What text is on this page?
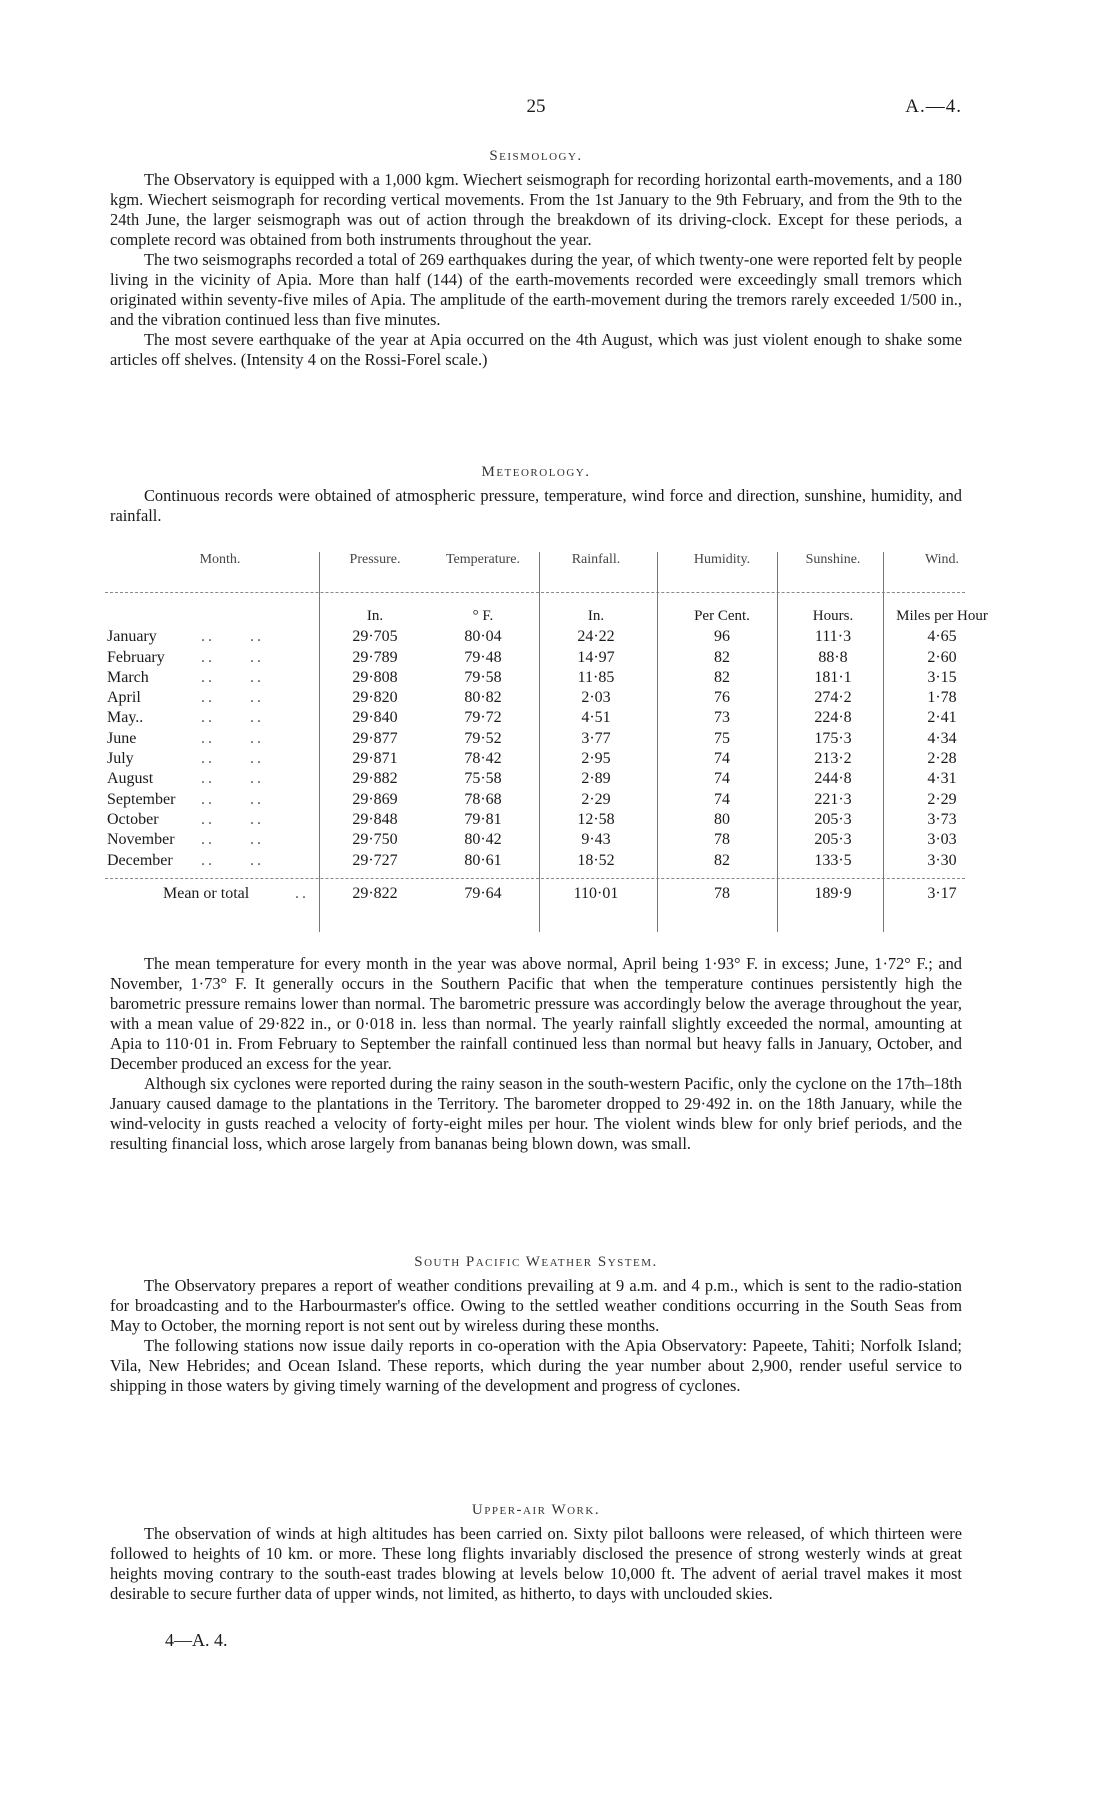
25	A.—4.
Seismology.

The Observatory is equipped with a 1,000 kgm. Wiechert seismograph for recording horizontal earth-movements, and a 180 kgm. Wiechert seismograph for recording vertical movements. From the 1st January to the 9th February, and from the 9th to the 24th June, the larger seismograph was out of action through the breakdown of its driving-clock. Except for these periods, a complete record was obtained from both instruments throughout the year.

The two seismographs recorded a total of 269 earthquakes during the year, of which twenty-one were reported felt by people living in the vicinity of Apia. More than half (144) of the earth-movements recorded were exceedingly small tremors which originated within seventy-five miles of Apia. The amplitude of the earth-movement during the tremors rarely exceeded 1/500 in., and the vibration continued less than five minutes.

The most severe earthquake of the year at Apia occurred on the 4th August, which was just violent enough to shake some articles off shelves. (Intensity 4 on the Rossi-Forel scale.)

Meteorology.

Continuous records were obtained of atmospheric pressure, temperature, wind force and direction, sunshine, humidity, and rainfall.

Month.	Pressure.	Temperature.	Rainfall.	Humidity.	Sunshine.	Wind.
In.	° F.	In.	Per Cent.	Hours.	Miles per Hour
January	..     ..	29·705	80·04	24·22	96	111·3	4·65
February ..     ..	29·789	79·48	14·97	82	88·8	2·60
March	..     ..	29·808	79·58	11·85	82	181·1	3·15
April	..     ..	29·820	80·82	2·03	76	274·2	1·78
May..	..     ..	29·840	79·72	4·51	73	224·8	2·41
June	..     ..	29·877	79·52	3·77	75	175·3	4·34
July	..     ..	29·871	78·42	2·95	74	213·2	2·28
August	..     ..	29·882	75·58	2·89	74	244·8	4·31
September ..     ..	29·869	78·68	2·29	74	221·3	2·29
October	..     ..	29·848	79·81	12·58	80	205·3	3·73
November ..     ..	29·750	80·42	9·43	78	205·3	3·03
December ..     ..	29·727	80·61	18·52	82	133·5	3·30
Mean or total	..	29·822	79·64	110·01	78	189·9	3·17

The mean temperature for every month in the year was above normal, April being 1·93° F. in excess; June, 1·72° F.; and November, 1·73° F. It generally occurs in the Southern Pacific that when the temperature continues persistently high the barometric pressure remains lower than normal. The barometric pressure was accordingly below the average throughout the year, with a mean value of 29·822 in., or 0·018 in. less than normal. The yearly rainfall slightly exceeded the normal, amounting at Apia to 110·01 in. From February to September the rainfall continued less than normal but heavy falls in January, October, and December produced an excess for the year.

Although six cyclones were reported during the rainy season in the south-western Pacific, only the cyclone on the 17th–18th January caused damage to the plantations in the Territory. The barometer dropped to 29·492 in. on the 18th January, while the wind-velocity in gusts reached a velocity of forty-eight miles per hour. The violent winds blew for only brief periods, and the resulting financial loss, which arose largely from bananas being blown down, was small.

South Pacific Weather System.

The Observatory prepares a report of weather conditions prevailing at 9 a.m. and 4 p.m., which is sent to the radio-station for broadcasting and to the Harbourmaster's office. Owing to the settled weather conditions occurring in the South Seas from May to October, the morning report is not sent out by wireless during these months.

The following stations now issue daily reports in co-operation with the Apia Observatory: Papeete, Tahiti; Norfolk Island; Vila, New Hebrides; and Ocean Island. These reports, which during the year number about 2,900, render useful service to shipping in those waters by giving timely warning of the development and progress of cyclones.

Upper-air Work.

The observation of winds at high altitudes has been carried on. Sixty pilot balloons were released, of which thirteen were followed to heights of 10 km. or more. These long flights invariably disclosed the presence of strong westerly winds at great heights moving contrary to the south-east trades blowing at levels below 10,000 ft. The advent of aerial travel makes it most desirable to secure further data of upper winds, not limited, as hitherto, to days with unclouded skies.

4—A. 4.
